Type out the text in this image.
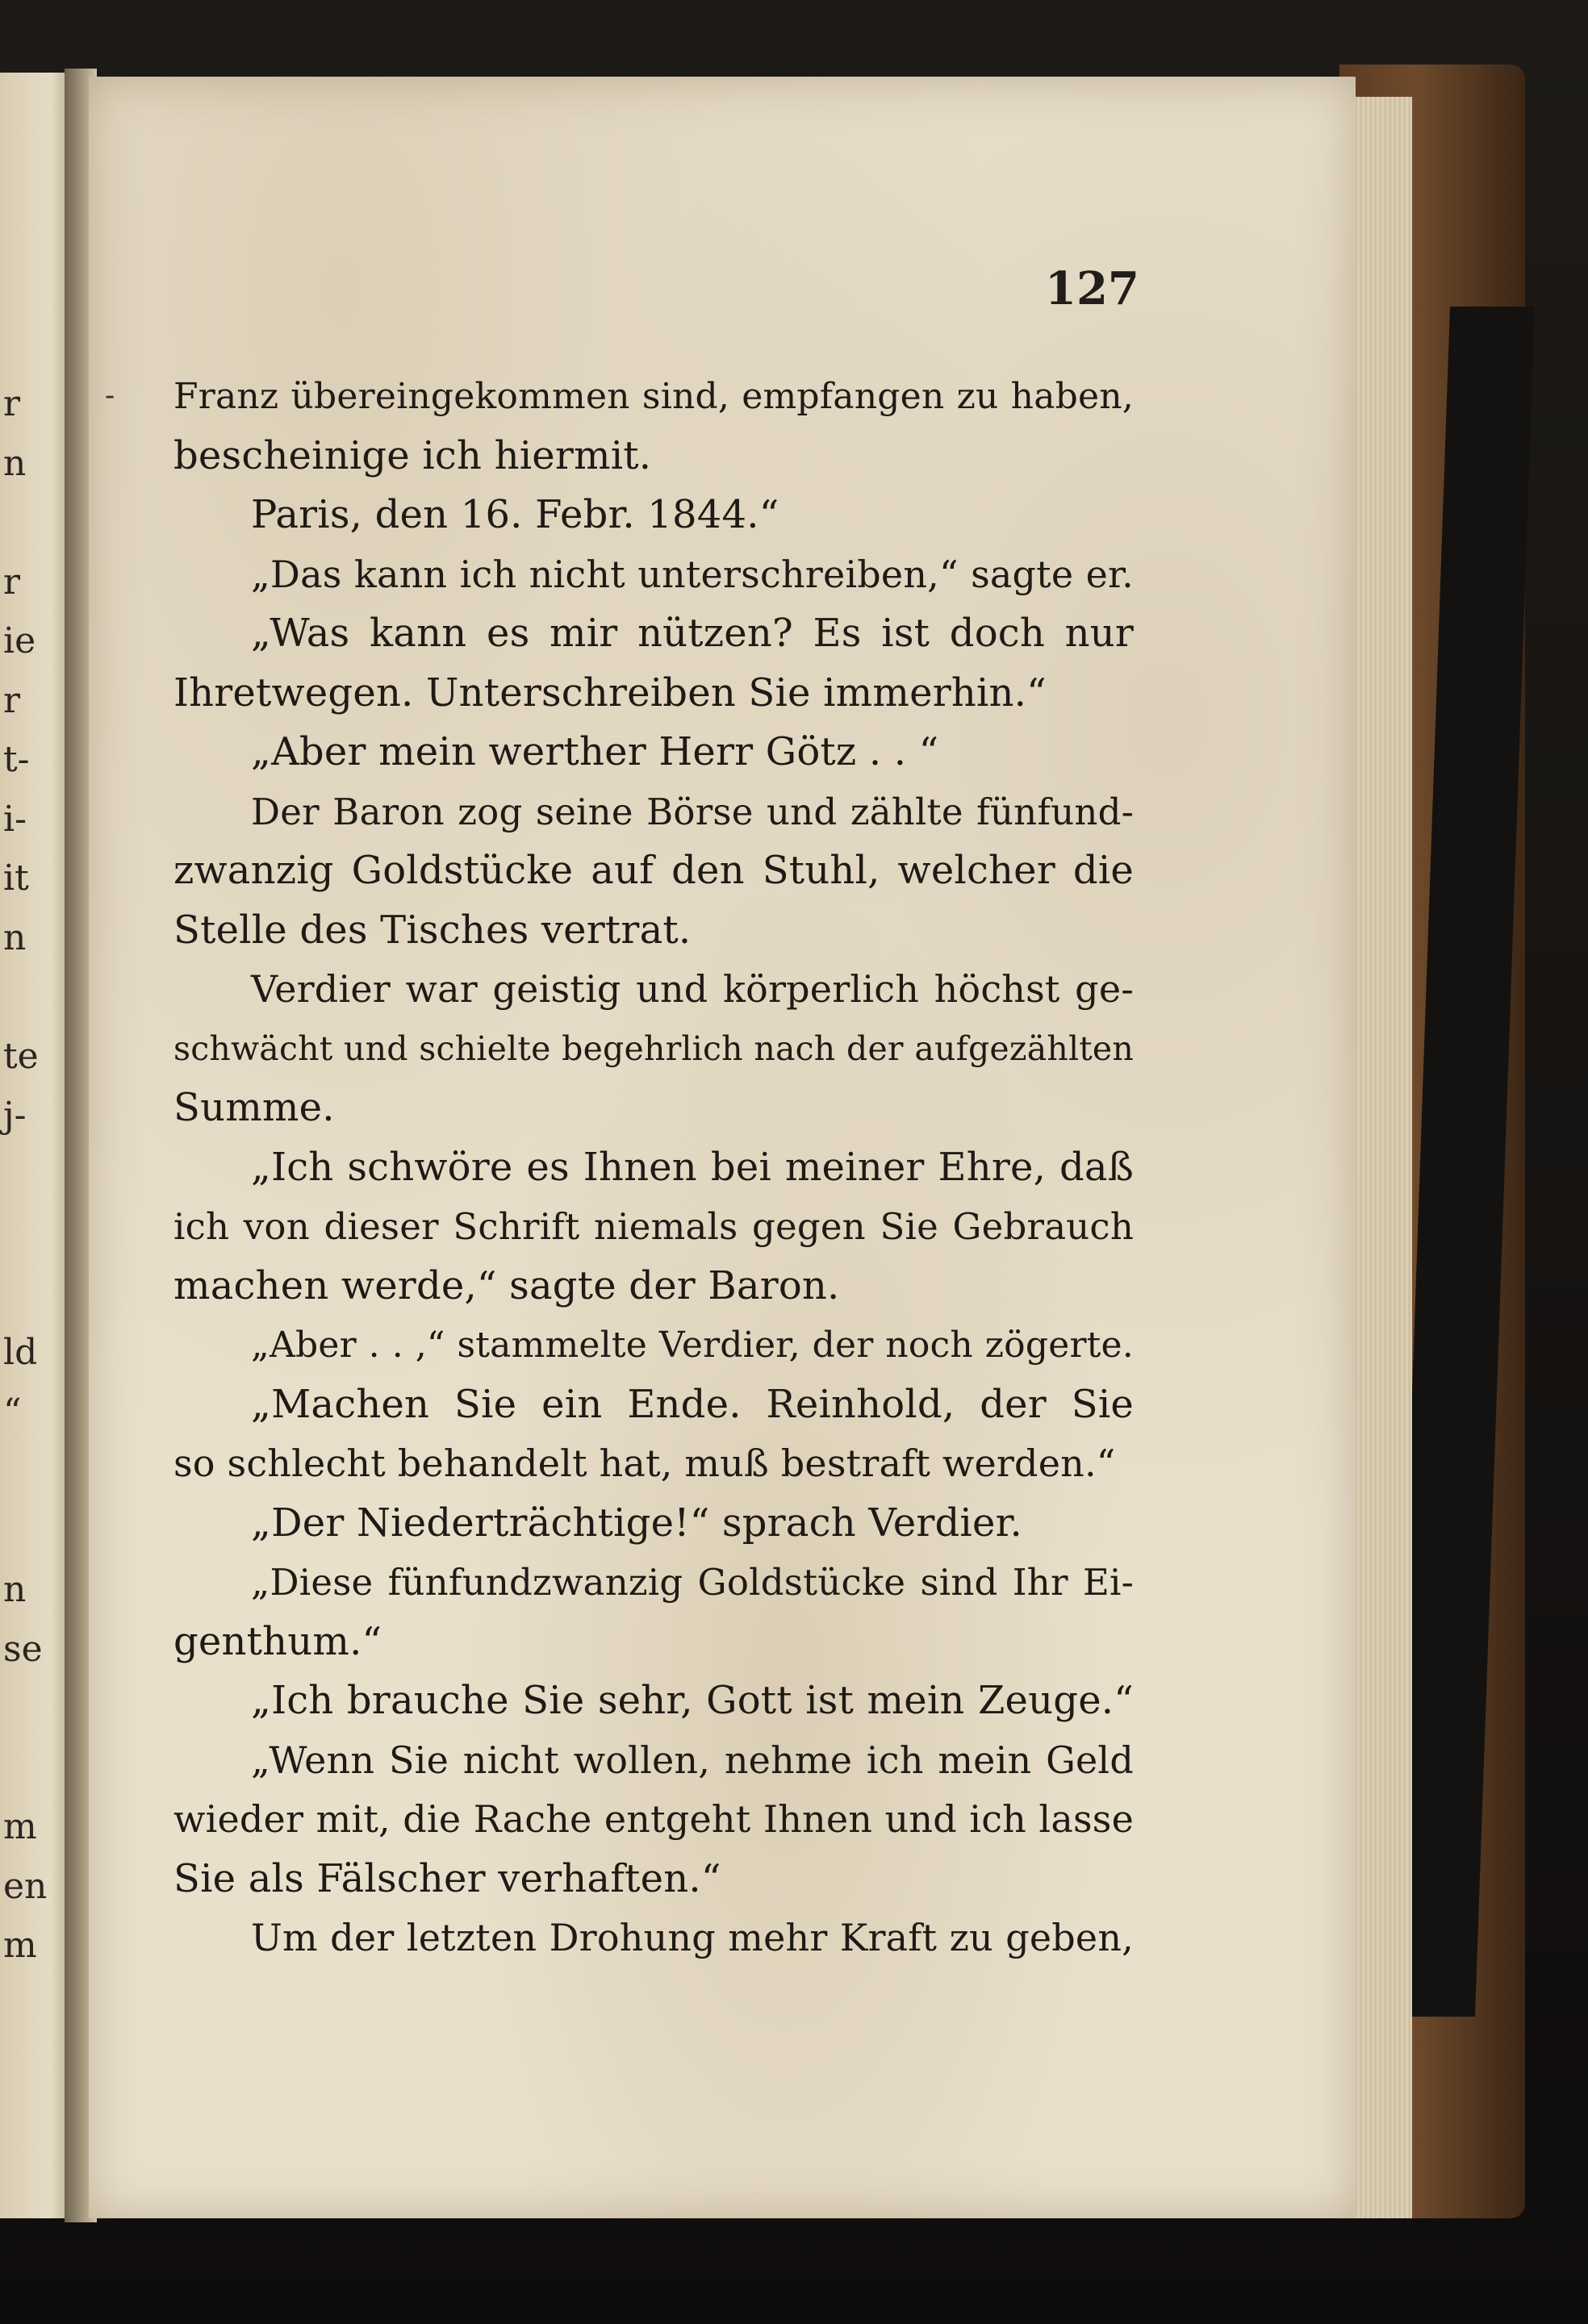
r
n
r
ie
r
t-
i-
it
n
te
j-
ld
“
n
se
m
en
m
-
127
Franz übereingekommen sind, empfangen zu haben,
bescheinige ich hiermit.
Paris, den 16. Febr. 1844.“
„Das kann ich nicht unterschreiben,“ sagte er.
„Was kann es mir nützen? Es ist doch nur
Ihretwegen. Unterschreiben Sie immerhin.“
„Aber mein werther Herr Götz . . “
Der Baron zog seine Börse und zählte fünfund-
zwanzig Goldstücke auf den Stuhl, welcher die
Stelle des Tisches vertrat.
Verdier war geistig und körperlich höchst ge-
schwächt und schielte begehrlich nach der aufgezählten
Summe.
„Ich schwöre es Ihnen bei meiner Ehre, daß
ich von dieser Schrift niemals gegen Sie Gebrauch
machen werde,“ sagte der Baron.
„Aber . . ,“ stammelte Verdier, der noch zögerte.
„Machen Sie ein Ende. Reinhold, der Sie
so schlecht behandelt hat, muß bestraft werden.“
„Der Niederträchtige!“ sprach Verdier.
„Diese fünfundzwanzig Goldstücke sind Ihr Ei-
genthum.“
„Ich brauche Sie sehr, Gott ist mein Zeuge.“
„Wenn Sie nicht wollen, nehme ich mein Geld
wieder mit, die Rache entgeht Ihnen und ich lasse
Sie als Fälscher verhaften.“
Um der letzten Drohung mehr Kraft zu geben,
